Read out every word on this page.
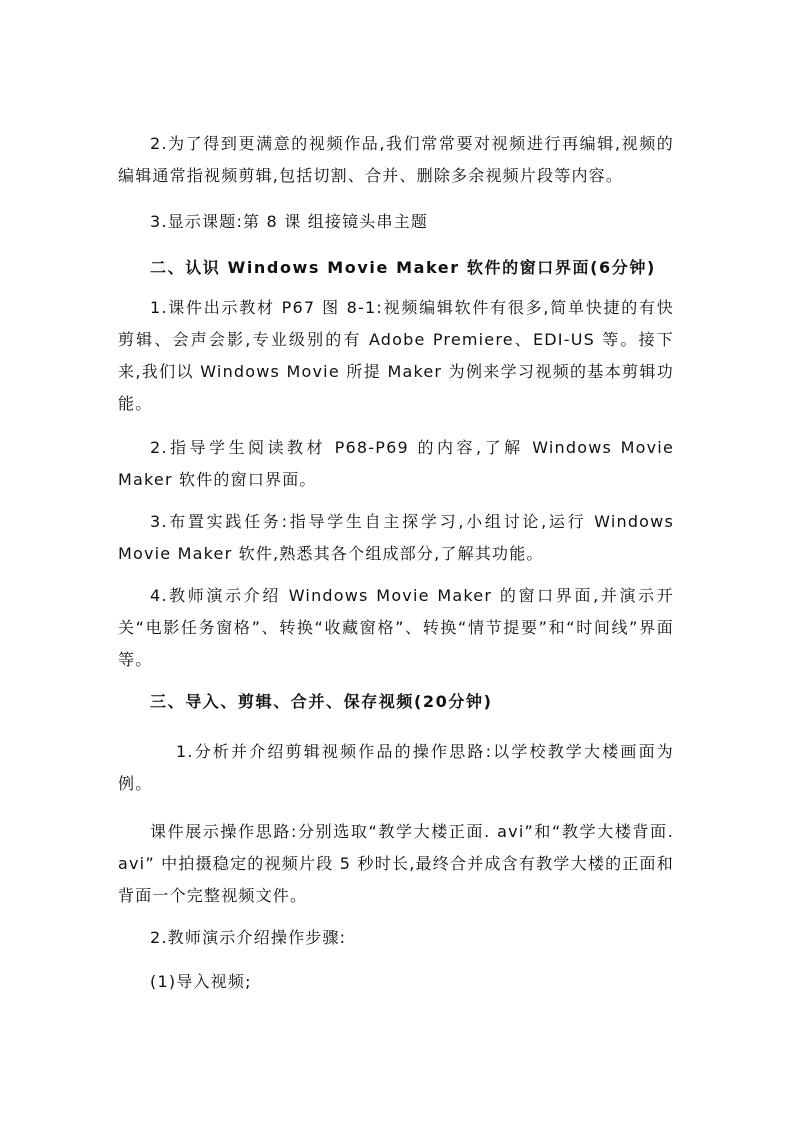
2.为了得到更满意的视频作品,我们常常要对视频进行再编辑,视频的编辑通常指视频剪辑,包括切割、合并、删除多余视频片段等内容。

3.显示课题:第 8 课 组接镜头串主题

二、认识 Windows Movie Maker 软件的窗口界面(6分钟)

1.课件出示教材 P67 图 8-1:视频编辑软件有很多,简单快捷的有快剪辑、会声会影,专业级别的有 Adobe Premiere、EDI-US 等。接下来,我们以 Windows Movie 所提 Maker 为例来学习视频的基本剪辑功能。

2.指导学生阅读教材 P68-P69 的内容,了解 Windows Movie Maker 软件的窗口界面。

3.布置实践任务:指导学生自主探学习,小组讨论,运行 Windows Movie Maker 软件,熟悉其各个组成部分,了解其功能。

4.教师演示介绍 Windows Movie Maker 的窗口界面,并演示开关“电影任务窗格”、转换“收藏窗格”、转换“情节提要”和“时间线”界面等。

三、导入、剪辑、合并、保存视频(20分钟)

1.分析并介绍剪辑视频作品的操作思路:以学校教学大楼画面为例。

课件展示操作思路:分别选取“教学大楼正面. avi”和“教学大楼背面. avi” 中拍摄稳定的视频片段 5 秒时长,最终合并成含有教学大楼的正面和背面一个完整视频文件。

2.教师演示介绍操作步骤:

(1)导入视频;
